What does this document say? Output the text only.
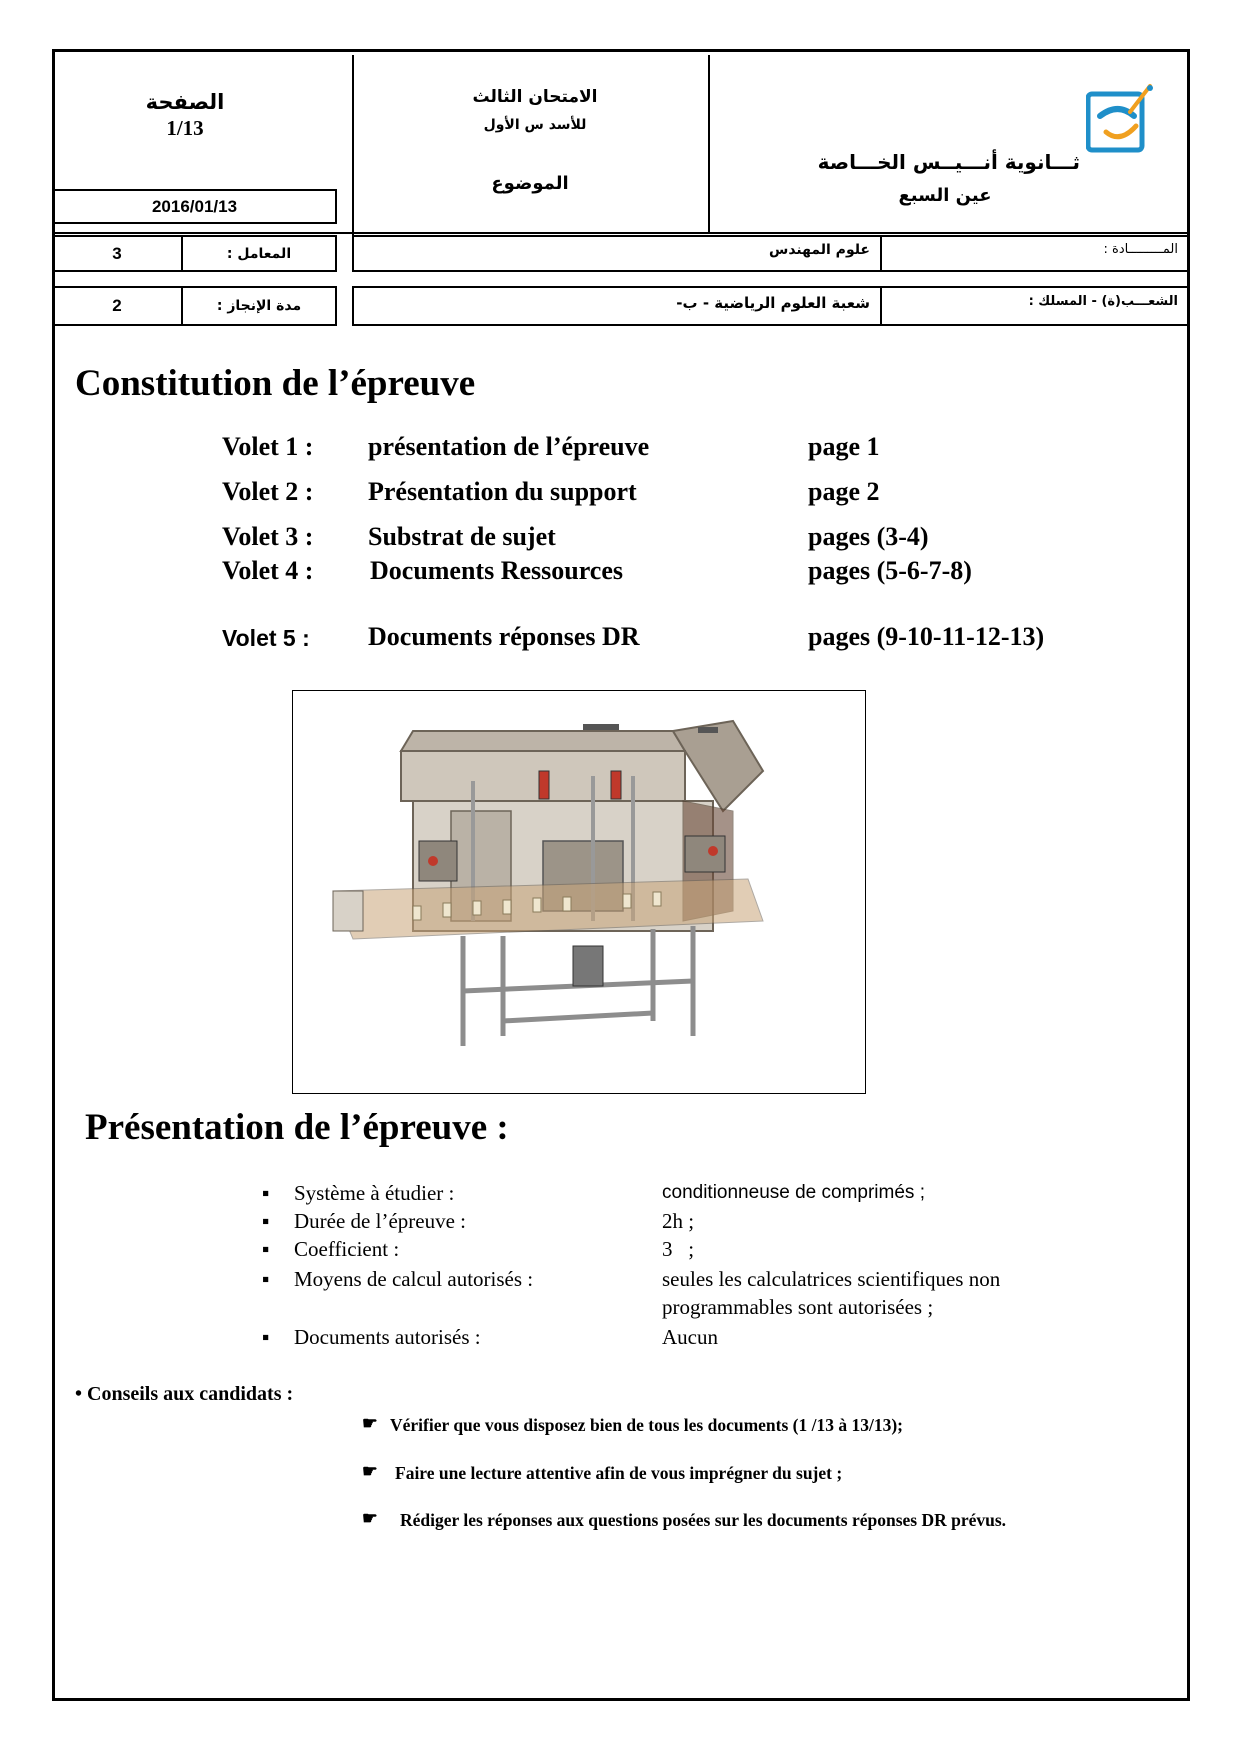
الصفحة
1/13
2016/01/13
الامتحان الثالث
للأسد س الأول
الموضوع
ثـــانوية أنـــيــس الخـــاصة
عين السبع
3	المعامل :	علوم المهندس	المـــــــــادة :
2	مدة الإنجاز :	شعبة العلوم الرياضية - ب-	الشعـــب(ة) - المسلك :
Constitution de l’épreuve
Volet 1 : présentation de l’épreuve	page 1
Volet 2 : Présentation du support	page 2
Volet 3 : Substrat de sujet	pages (3-4)
Volet 4 : Documents Ressources	pages (5-6-7-8)
Volet 5 : Documents réponses DR	pages (9-10-11-12-13)
Présentation de l’épreuve :
▪	Système à étudier :	conditionneuse de comprimés ;
▪	Durée de l’épreuve :	2h ;
▪	Coefficient :	3   ;
▪	Moyens de calcul autorisés :	seules les calculatrices scientifiques non
programmables sont autorisées ;
▪	Documents autorisés :	Aucun
• Conseils aux candidats :
☛ Vérifier que vous disposez bien de tous les documents (1 /13 à 13/13);
☛ Faire une lecture attentive afin de vous imprégner du sujet ;
☛ Rédiger les réponses aux questions posées sur les documents réponses DR prévus.
